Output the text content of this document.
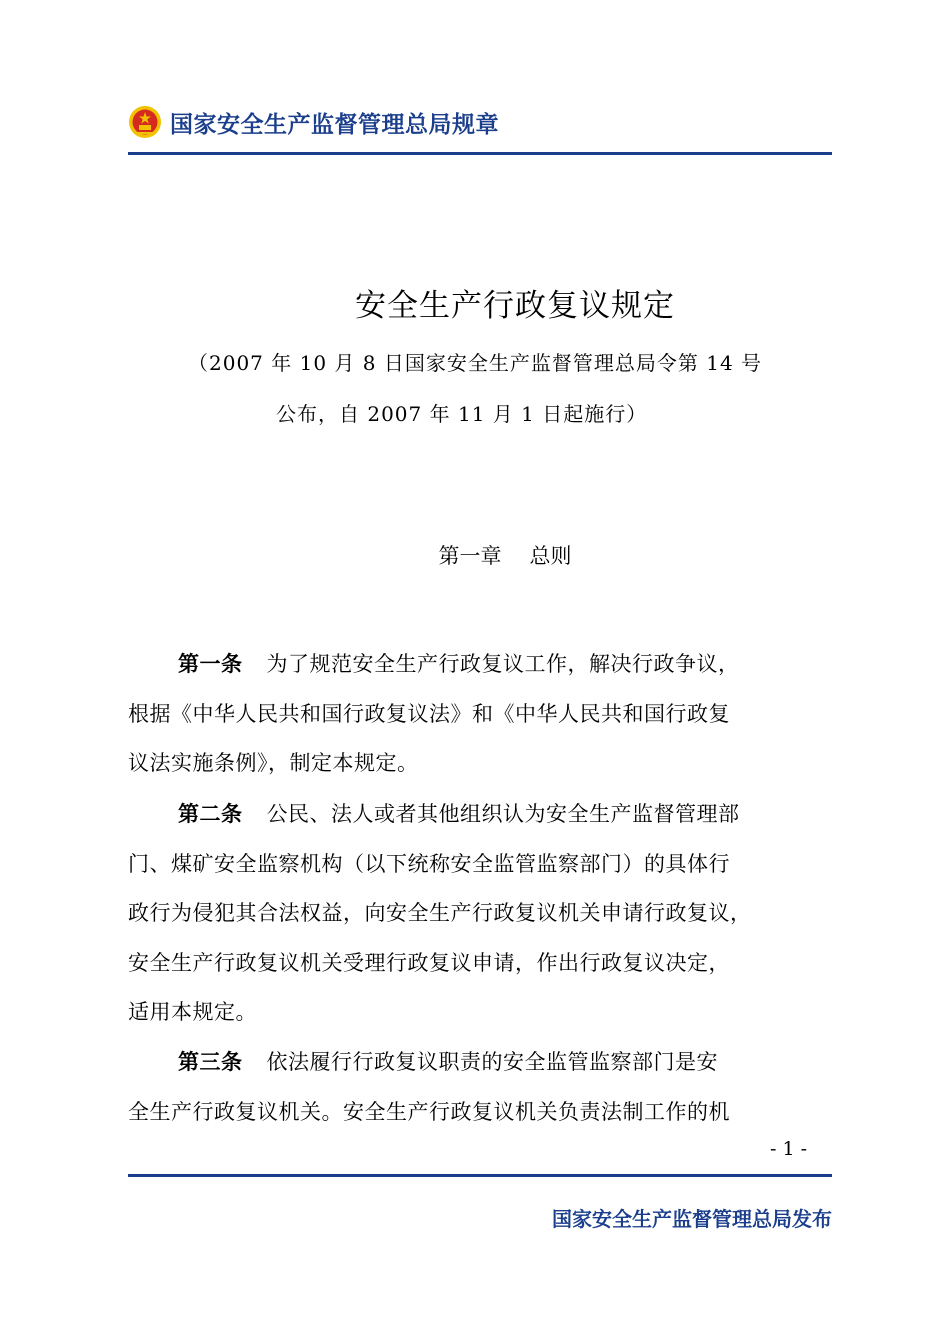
国家安全生产监督管理总局规章
安全生产行政复议规定
（2007 年 10 月 8 日国家安全生产监督管理总局令第 14 号
公布，自 2007 年 11 月 1 日起施行）
第一章 总则
第一条 为了规范安全生产行政复议工作，解决行政争议，
根据《中华人民共和国行政复议法》和《中华人民共和国行政复
议法实施条例》，制定本规定。
第二条 公民、法人或者其他组织认为安全生产监督管理部
门、煤矿安全监察机构（以下统称安全监管监察部门）的具体行
政行为侵犯其合法权益，向安全生产行政复议机关申请行政复议，
安全生产行政复议机关受理行政复议申请，作出行政复议决定，
适用本规定。
第三条 依法履行行政复议职责的安全监管监察部门是安
全生产行政复议机关。安全生产行政复议机关负责法制工作的机
- 1 -
国家安全生产监督管理总局发布
